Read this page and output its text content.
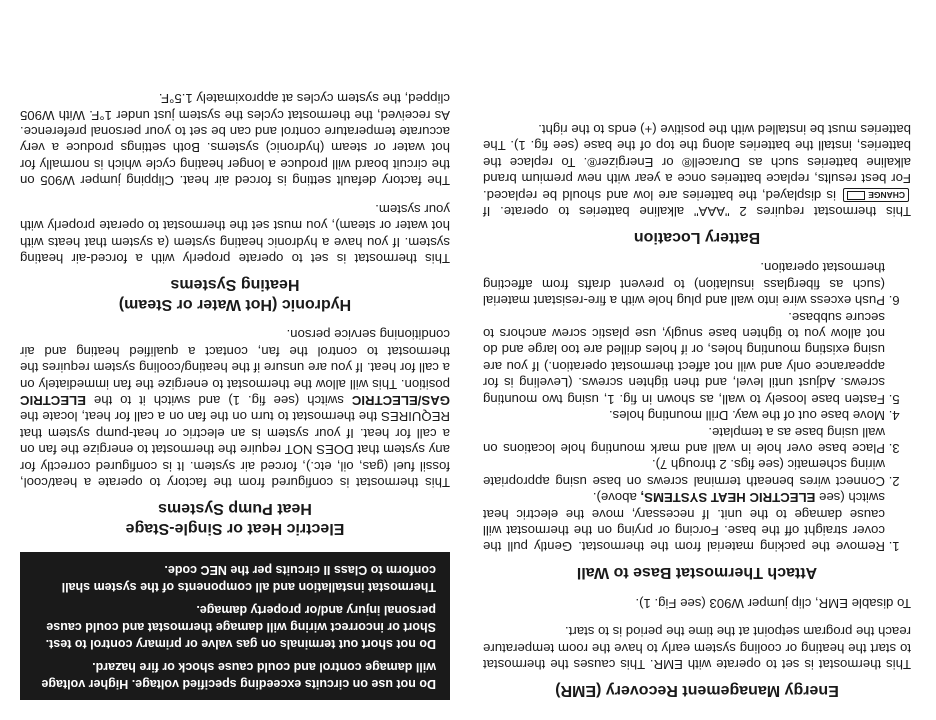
Energy Management Recovery (EMR)

This thermostat is set to operate with EMR. This causes the thermostat to start the heating or cooling system early to have the room temperature reach the program setpoint at the time the period is to start.

To disable EMR, clip jumper W903 (see Fig. 1).

Attach Thermostat Base to Wall
1. Remove the packing material from the thermostat. Gently pull the cover straight off the base. Forcing or prying on the thermostat will cause damage to the unit. If necessary, move the electric heat switch (see ELECTRIC HEAT SYSTEMS, above).
2. Connect wires beneath terminal screws on base using appropriate wiring schematic (see figs. 2 through 7).
3. Place base over hole in wall and mark mounting hole locations on wall using base as a template.
4. Move base out of the way. Drill mounting holes.
5. Fasten base loosely to wall, as shown in fig. 1, using two mounting screws. Adjust until level, and then tighten screws. (Leveling is for appearance only and will not affect thermostat operation.) If you are using existing mounting holes, or if holes drilled are too large and do not allow you to tighten base snugly, use plastic screw anchors to secure subbase.
6. Push excess wire into wall and plug hole with a fire-resistant material (such as fiberglass insulation) to prevent drafts from affecting thermostat operation.
Battery Location

This thermostat requires 2 "AAA" alkaline batteries to operate. If CHANGE is displayed, the batteries are low and should be replaced. For best results, replace batteries once a year with new premium brand alkaline batteries such as Duracell® or Energizer®. To replace the batteries, install the batteries along the top of the base (see fig. 1). The batteries must be installed with the positive (+) ends to the right.

Do not use on circuits exceeding specified voltage. Higher voltage will damage control and could cause shock or fire hazard.

Do not short out terminals on gas valve or primary control to test. Short or incorrect wiring will damage thermostat and could cause personal injury and/or property damage.

Thermostat installation and all components of the system shall conform to Class II circuits per the NEC code.

Electric Heat or Single-Stage
Heat Pump Systems

This thermostat is configured from the factory to operate a heat/cool, fossil fuel (gas, oil, etc.), forced air system. It is configured correctly for any system that DOES NOT require the thermostat to energize the fan on a call for heat. If your system is an electric or heat-pump system that REQUIRES the thermostat to turn on the fan on a call for heat, locate the GAS/ELECTRIC switch (see fig. 1) and switch it to the ELECTRIC position. This will allow the thermostat to energize the fan immediately on a call for heat. If you are unsure if the heating/cooling system requires the thermostat to control the fan, contact a qualified heating and air conditioning service person.

Hydronic (Hot Water or Steam)
Heating Systems

This thermostat is set to operate properly with a forced-air heating system. If you have a hydronic heating system (a system that heats with hot water or steam), you must set the thermostat to operate properly with your system.

The factory default setting is forced air heat. Clipping jumper W905 on the circuit board will produce a longer heating cycle which is normally for hot water or steam (hydronic) systems. Both settings produce a very accurate temperature control and can be set to your personal preference. As received, the thermostat cycles the system just under 1°F. With W905 clipped, the system cycles at approximately 1.5°F.
